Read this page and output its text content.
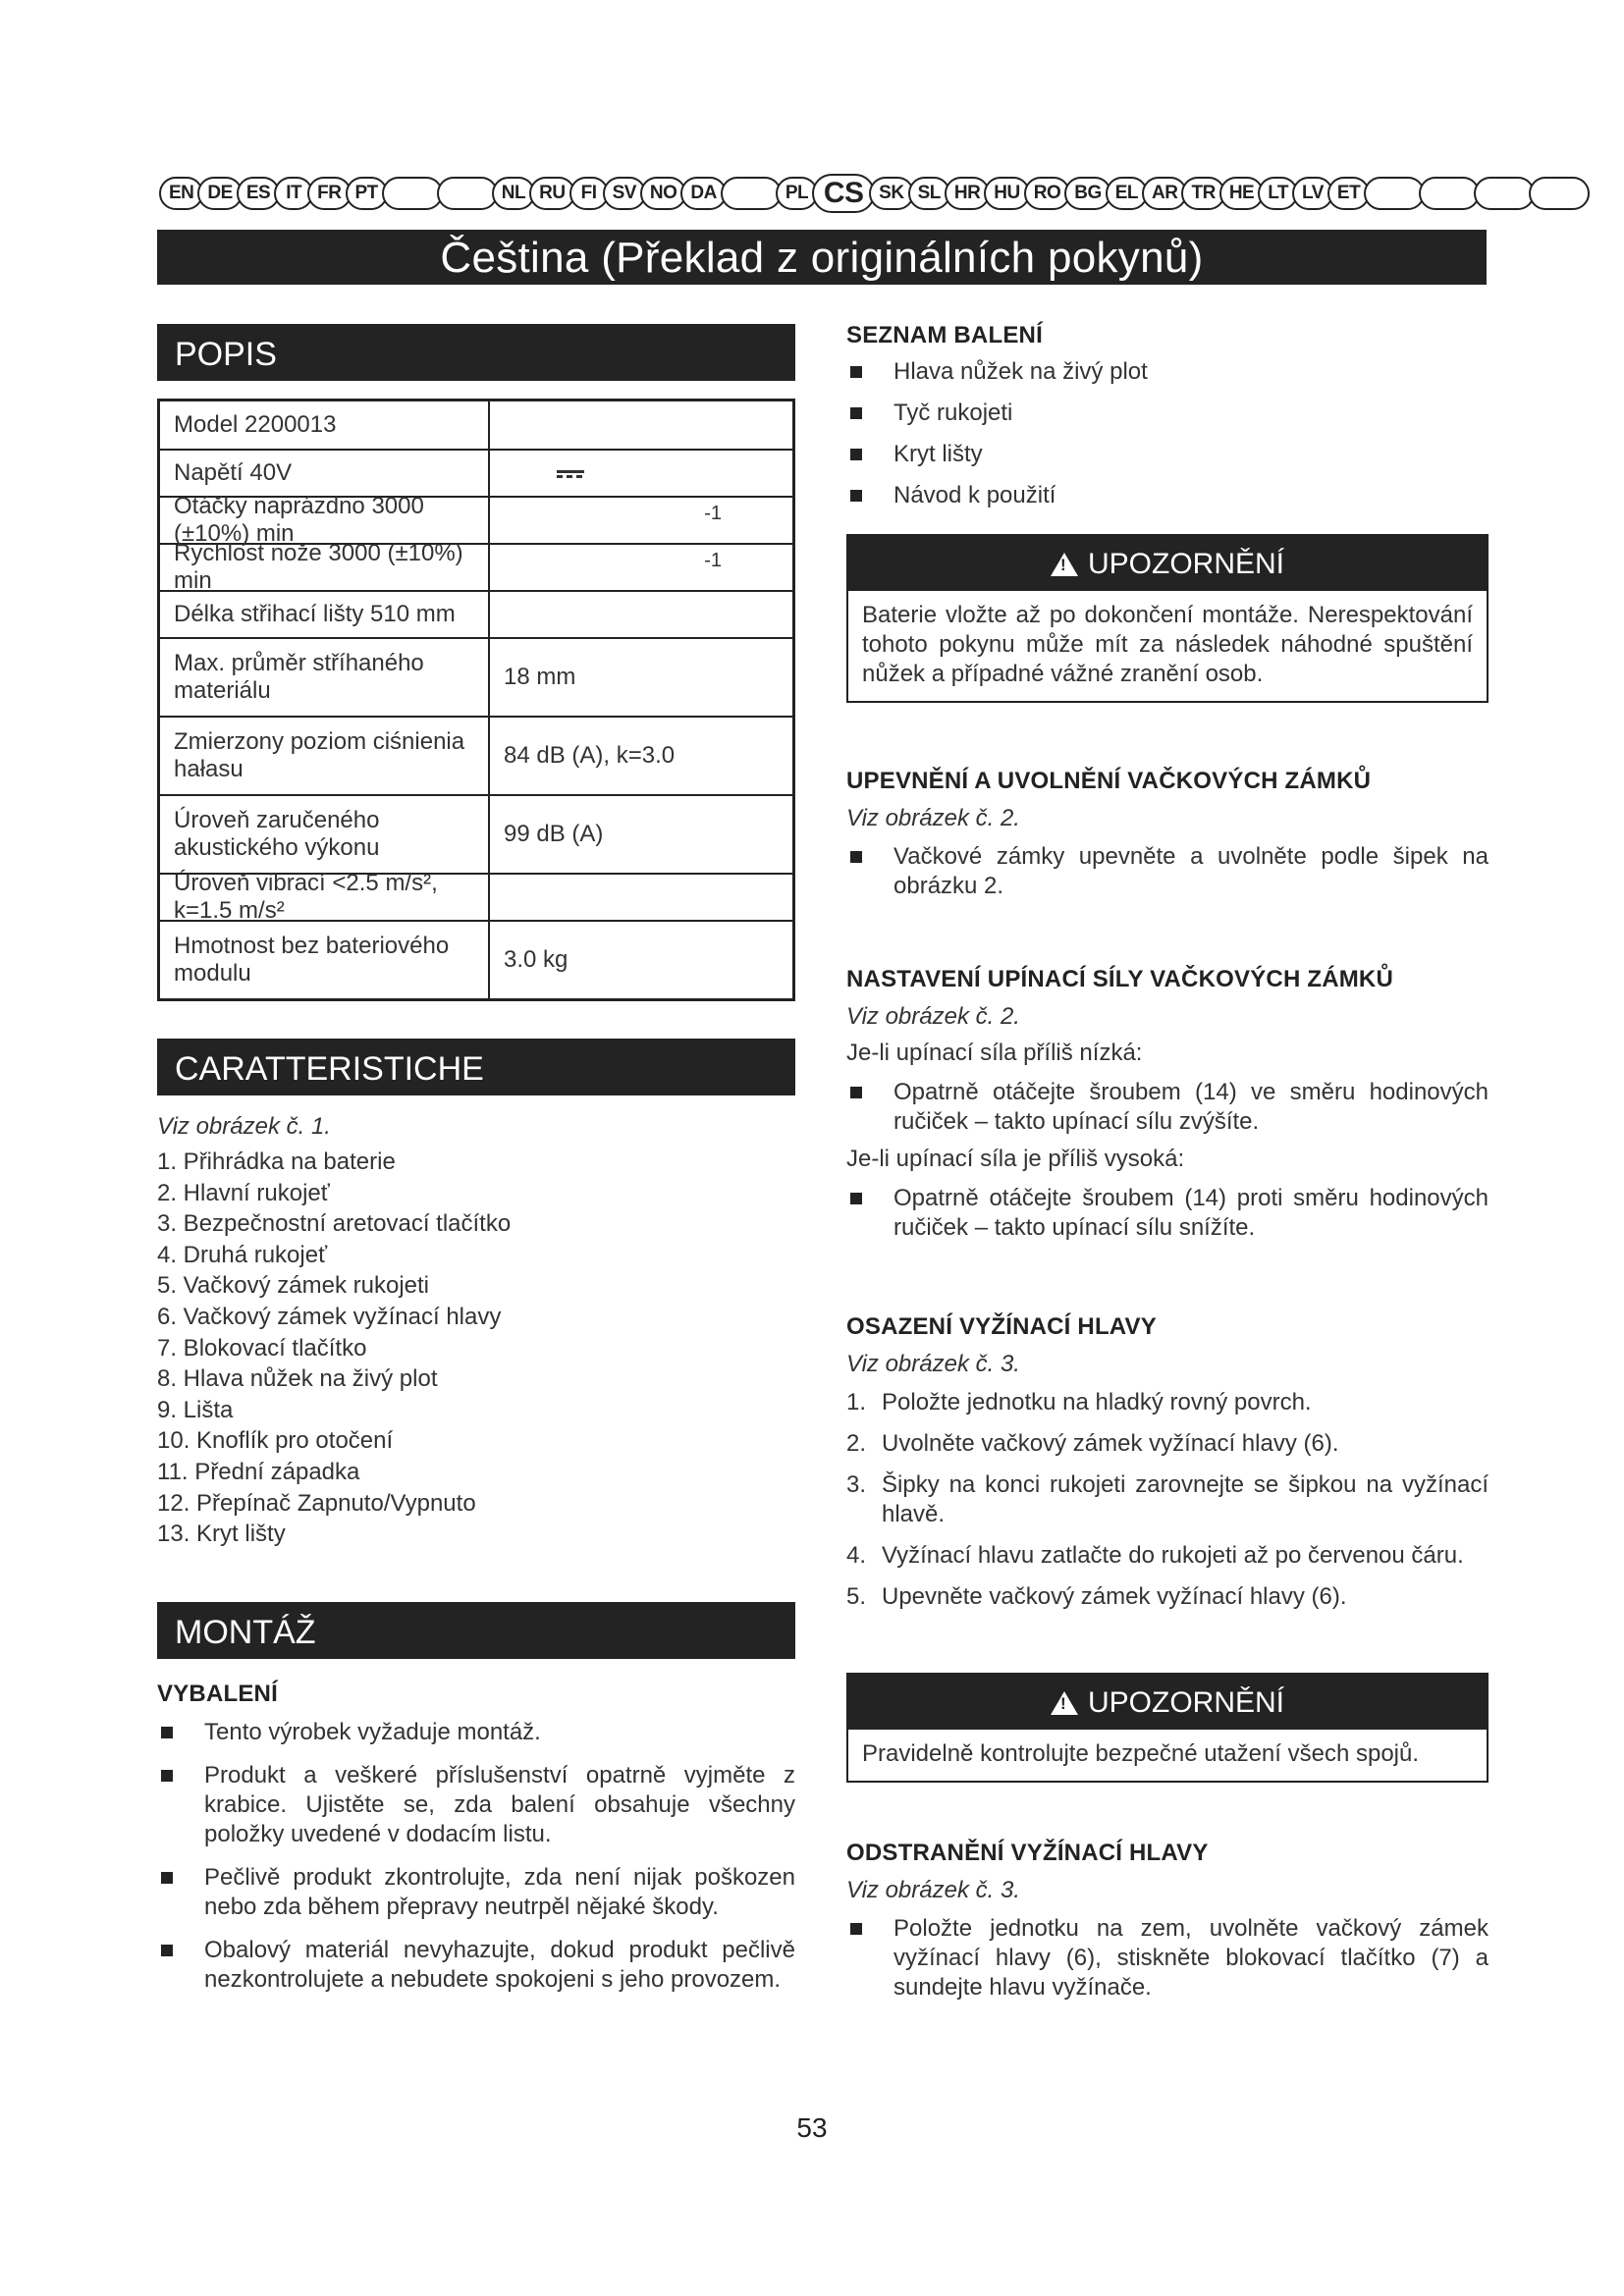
EN DE ES IT FR PT	NL RU FI SV NO DA	PL CS SK SL HR HU RO BG EL AR TR HE LT LV ET
Čeština (Překlad z originálních pokynů)
POPIS
Model 2200013
Napětí 40V
Otáčky naprázdno 3000 (±10%) min
-1
Rychlost nože 3000 (±10%) min
-1
Délka střihací lišty 510 mm
Max. průměr stříhaného materiálu
18 mm
Zmierzony poziom ciśnienia hałasu
84 dB (A), k=3.0
Úroveň zaručeného akustického výkonu
99 dB (A)
Úroveň vibrací <2.5 m/s², k=1.5 m/s²
Hmotnost bez bateriového modulu
3.0 kg
CARATTERISTICHE
Viz obrázek č. 1.
1. Přihrádka na baterie
2. Hlavní rukojeť
3. Bezpečnostní aretovací tlačítko
4. Druhá rukojeť
5. Vačkový zámek rukojeti
6. Vačkový zámek vyžínací hlavy
7. Blokovací tlačítko
8. Hlava nůžek na živý plot
9. Lišta
10. Knoflík pro otočení
11. Přední západka
12. Přepínač Zapnuto/Vypnuto
13. Kryt lišty
MONTÁŽ
VYBALENÍ
Tento výrobek vyžaduje montáž.
Produkt a veškeré příslušenství opatrně vyjměte z krabice. Ujistěte se, zda balení obsahuje všechny položky uvedené v dodacím listu.
Pečlivě produkt zkontrolujte, zda není nijak poškozen nebo zda během přepravy neutrpěl nějaké škody.
Obalový materiál nevyhazujte, dokud produkt pečlivě nezkontrolujete a nebudete spokojeni s jeho provozem.
SEZNAM BALENÍ
Hlava nůžek na živý plot
Tyč rukojeti
Kryt lišty
Návod k použití
!UPOZORNĚNÍ
Baterie vložte až po dokončení montáže. Nerespektování tohoto pokynu může mít za následek náhodné spuštění nůžek a případné vážné zranění osob.
UPEVNĚNÍ A UVOLNĚNÍ VAČKOVÝCH ZÁMKŮ
Viz obrázek č. 2.
Vačkové zámky upevněte a uvolněte podle šipek na obrázku 2.
NASTAVENÍ UPÍNACÍ SÍLY VAČKOVÝCH ZÁMKŮ
Viz obrázek č. 2.
Je-li upínací síla příliš nízká:
Opatrně otáčejte šroubem (14) ve směru hodinových ručiček – takto upínací sílu zvýšíte.
Je-li upínací síla je příliš vysoká:
Opatrně otáčejte šroubem (14) proti směru hodinových ručiček – takto upínací sílu snížíte.
OSAZENÍ VYŽÍNACÍ HLAVY
Viz obrázek č. 3.
1. Položte jednotku na hladký rovný povrch.
2. Uvolněte vačkový zámek vyžínací hlavy (6).
3. Šipky na konci rukojeti zarovnejte se šipkou na vyžínací hlavě.
4. Vyžínací hlavu zatlačte do rukojeti až po červenou čáru.
5. Upevněte vačkový zámek vyžínací hlavy (6).
!UPOZORNĚNÍ
Pravidelně kontrolujte bezpečné utažení všech spojů.
ODSTRANĚNÍ VYŽÍNACÍ HLAVY
Viz obrázek č. 3.
Položte jednotku na zem, uvolněte vačkový zámek vyžínací hlavy (6), stiskněte blokovací tlačítko (7) a sundejte hlavu vyžínače.
53
